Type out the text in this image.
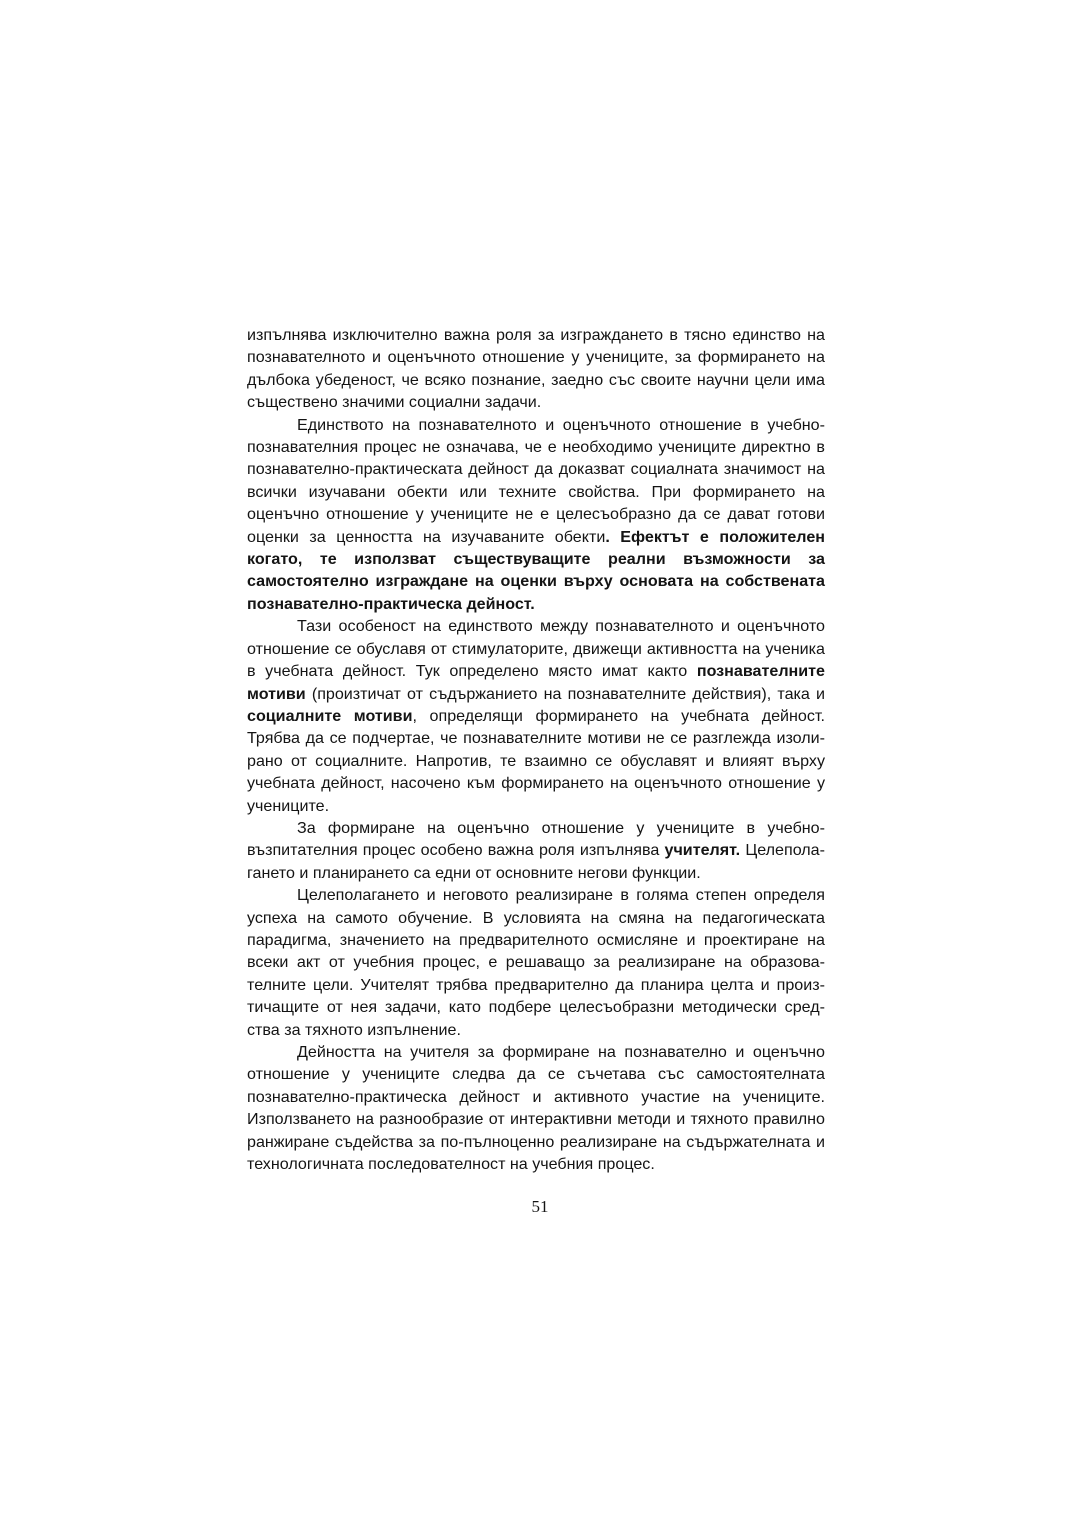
изпълнява изключително важна роля за изграждането в тясно единство на познавателното и оценъчното отношение у учениците, за формирането на дълбока убеденост, че всяко познание, заедно със своите научни цели има съществено значими социални задачи.

Единството на познавателното и оценъчното отношение в учебно-познавателния процес не означава, че е необходимо учениците директно в познавателно-практическата дейност да доказват социалната значимост на всички изучавани обекти или техните свойства. При формирането на оценъчно отношение у учениците не е целесъобразно да се дават готови оценки за ценността на изучаваните обекти. Ефектът е положителен когато, те използват съществуващите реални възможности за самостоятелно изграждане на оценки върху основата на собствената познавателно-практическа дейност.

Тази особеност на единството между познавателното и оценъчното отношение се обуславя от стимулаторите, движещи активността на ученика в учебната дейност. Тук определено място имат както познавателните мотиви (произтичат от съдържанието на познавателните действия), така и социалните мотиви, определящи формирането на учебната дейност. Трябва да се подчертае, че познавателните мотиви не се разглежда изолирано от социалните. Напротив, те взаимно се обуславят и влияят върху учебната дейност, насочено към формирането на оценъчното отношение у учениците.

За формиране на оценъчно отношение у учениците в учебно-възпитателния процес особено важна роля изпълнява учителят. Целеполагането и планирането са едни от основните негови функции.

Целеполагането и неговото реализиране в голяма степен определя успеха на самото обучение. В условията на смяна на педагогическата парадигма, значението на предварителното осмисляне и проектиране на всеки акт от учебния процес, е решаващо за реализиране на образователните цели. Учителят трябва предварително да планира целта и произтичащите от нея задачи, като подбере целесъобразни методически средства за тяхното изпълнение.

Дейността на учителя за формиране на познавателно и оценъчно отношение у учениците следва да се съчетава със самостоятелната познавателно-практическа дейност и активното участие на учениците. Използването на разнообразие от интерактивни методи и тяхното правилно ранжиране съдейства за по-пълноценно реализиране на съдържателната и технологичната последователност на учебния процес.

51
